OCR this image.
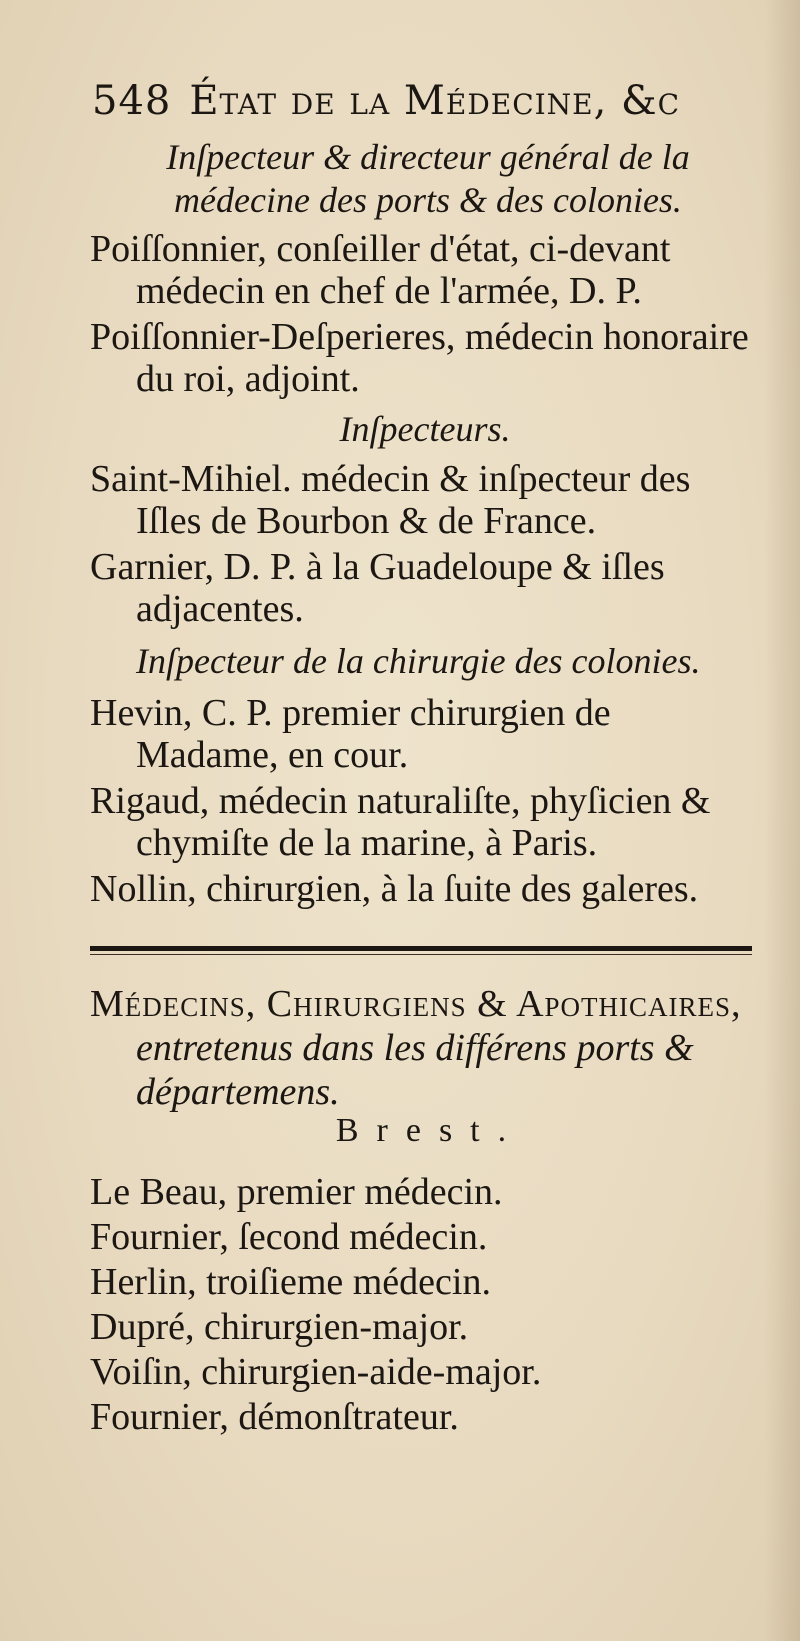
548 État de la Médecine, &c
Inſpecteur & directeur général de la médecine des ports & des colonies.
Poiſſonnier, conſeiller d'état, ci-devant médecin en chef de l'armée, D. P.
Poiſſonnier-Deſperieres, médecin honoraire du roi, adjoint.
Inſpecteurs.
Saint-Mihiel. médecin & inſpecteur des Iſles de Bourbon & de France.
Garnier, D. P. à la Guadeloupe & iſles adjacentes.
Inſpecteur de la chirurgie des colonies.
Hevin, C. P. premier chirurgien de Madame, en cour.
Rigaud, médecin naturaliſte, phyſicien & chymiſte de la marine, à Paris.
Nollin, chirurgien, à la ſuite des galeres.
Médecins, Chirurgiens & Apothicaires, entretenus dans les différens ports & départemens.
Brest.
Le Beau, premier médecin.
Fournier, ſecond médecin.
Herlin, troiſieme médecin.
Dupré, chirurgien-major.
Voiſin, chirurgien-aide-major.
Fournier, démonſtrateur.
